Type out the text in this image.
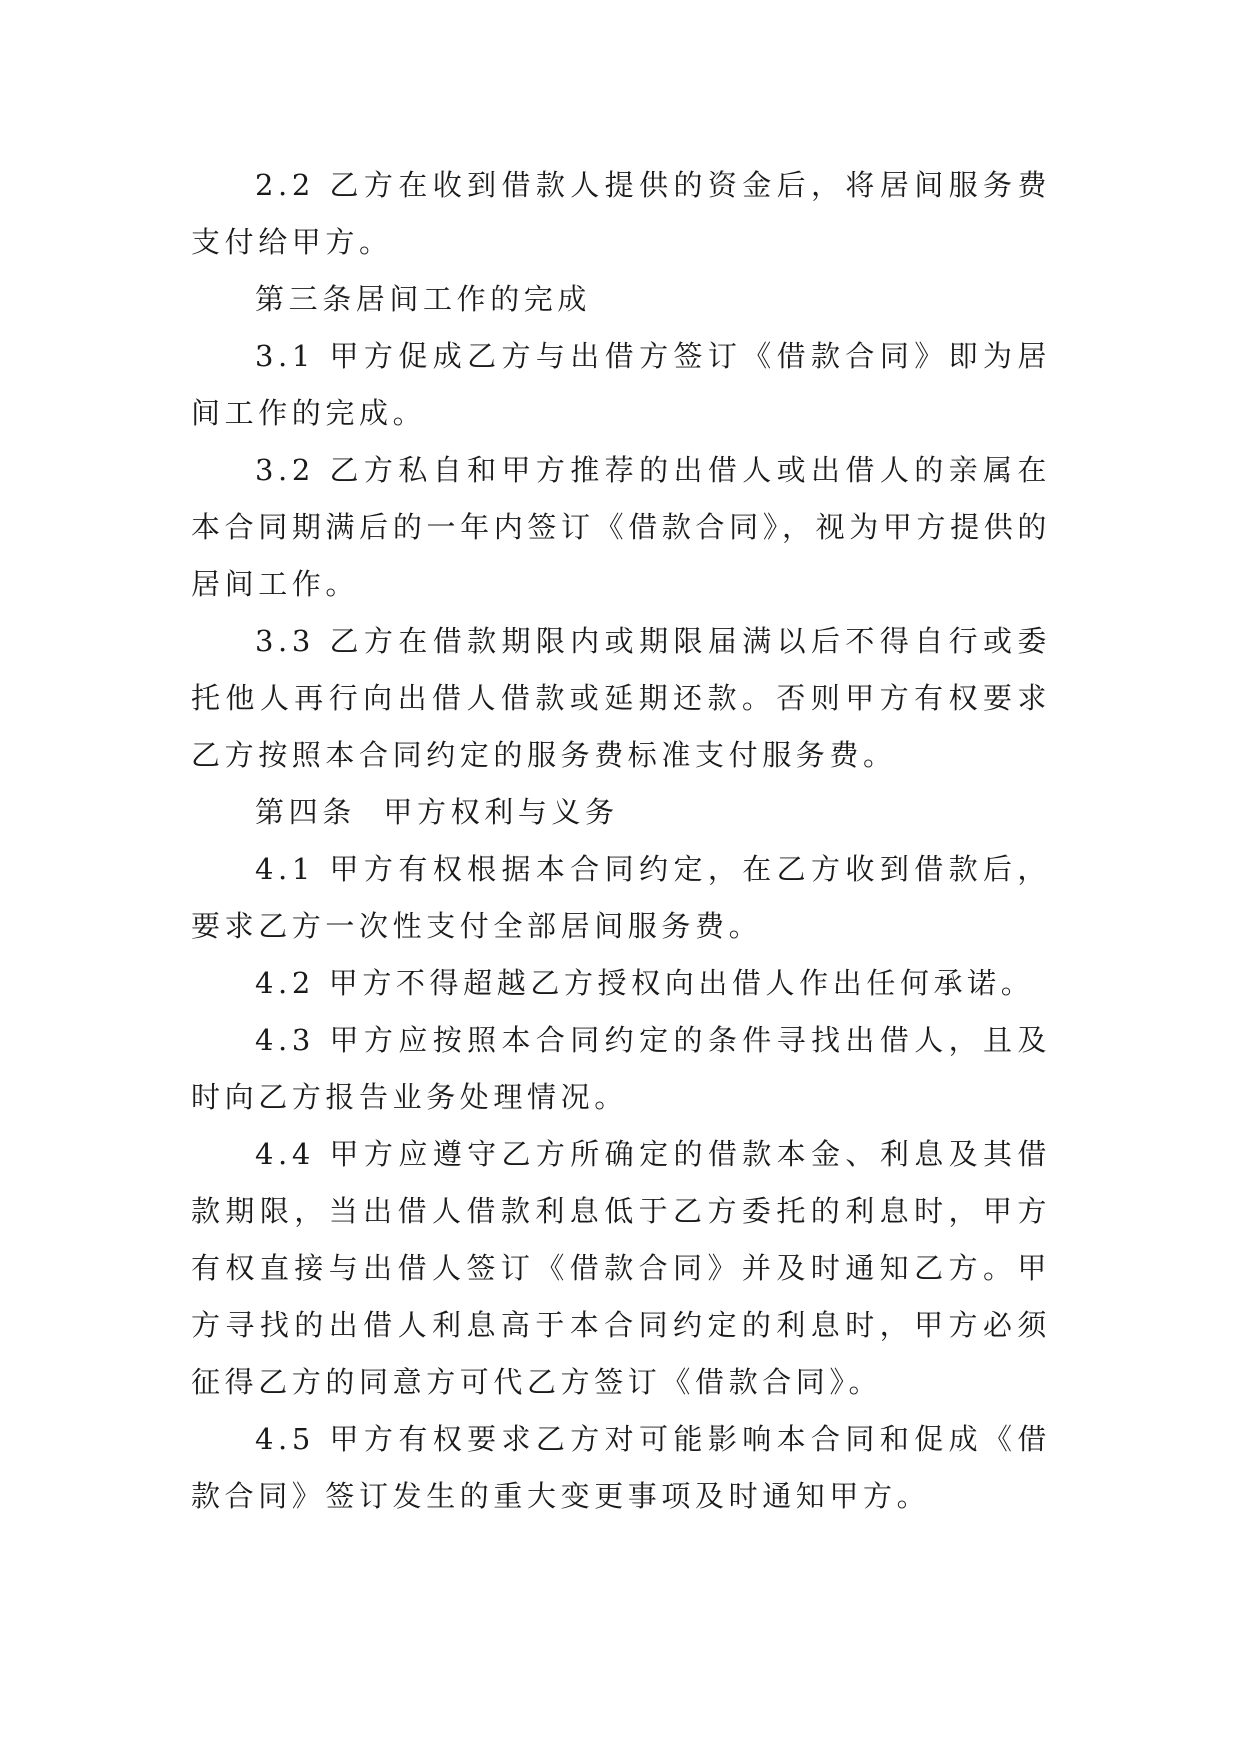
2.2 乙方在收到借款人提供的资金后，将居间服务费支付给甲方。

第三条居间工作的完成

3.1 甲方促成乙方与出借方签订《借款合同》即为居间工作的完成。

3.2 乙方私自和甲方推荐的出借人或出借人的亲属在本合同期满后的一年内签订《借款合同》，视为甲方提供的居间工作。

3.3 乙方在借款期限内或期限届满以后不得自行或委托他人再行向出借人借款或延期还款。否则甲方有权要求乙方按照本合同约定的服务费标准支付服务费。

第四条  甲方权利与义务

4.1 甲方有权根据本合同约定，在乙方收到借款后，要求乙方一次性支付全部居间服务费。

4.2 甲方不得超越乙方授权向出借人作出任何承诺。

4.3 甲方应按照本合同约定的条件寻找出借人，且及时向乙方报告业务处理情况。

4.4 甲方应遵守乙方所确定的借款本金、利息及其借款期限，当出借人借款利息低于乙方委托的利息时，甲方有权直接与出借人签订《借款合同》并及时通知乙方。甲方寻找的出借人利息高于本合同约定的利息时，甲方必须征得乙方的同意方可代乙方签订《借款合同》。

4.5 甲方有权要求乙方对可能影响本合同和促成《借款合同》签订发生的重大变更事项及时通知甲方。
